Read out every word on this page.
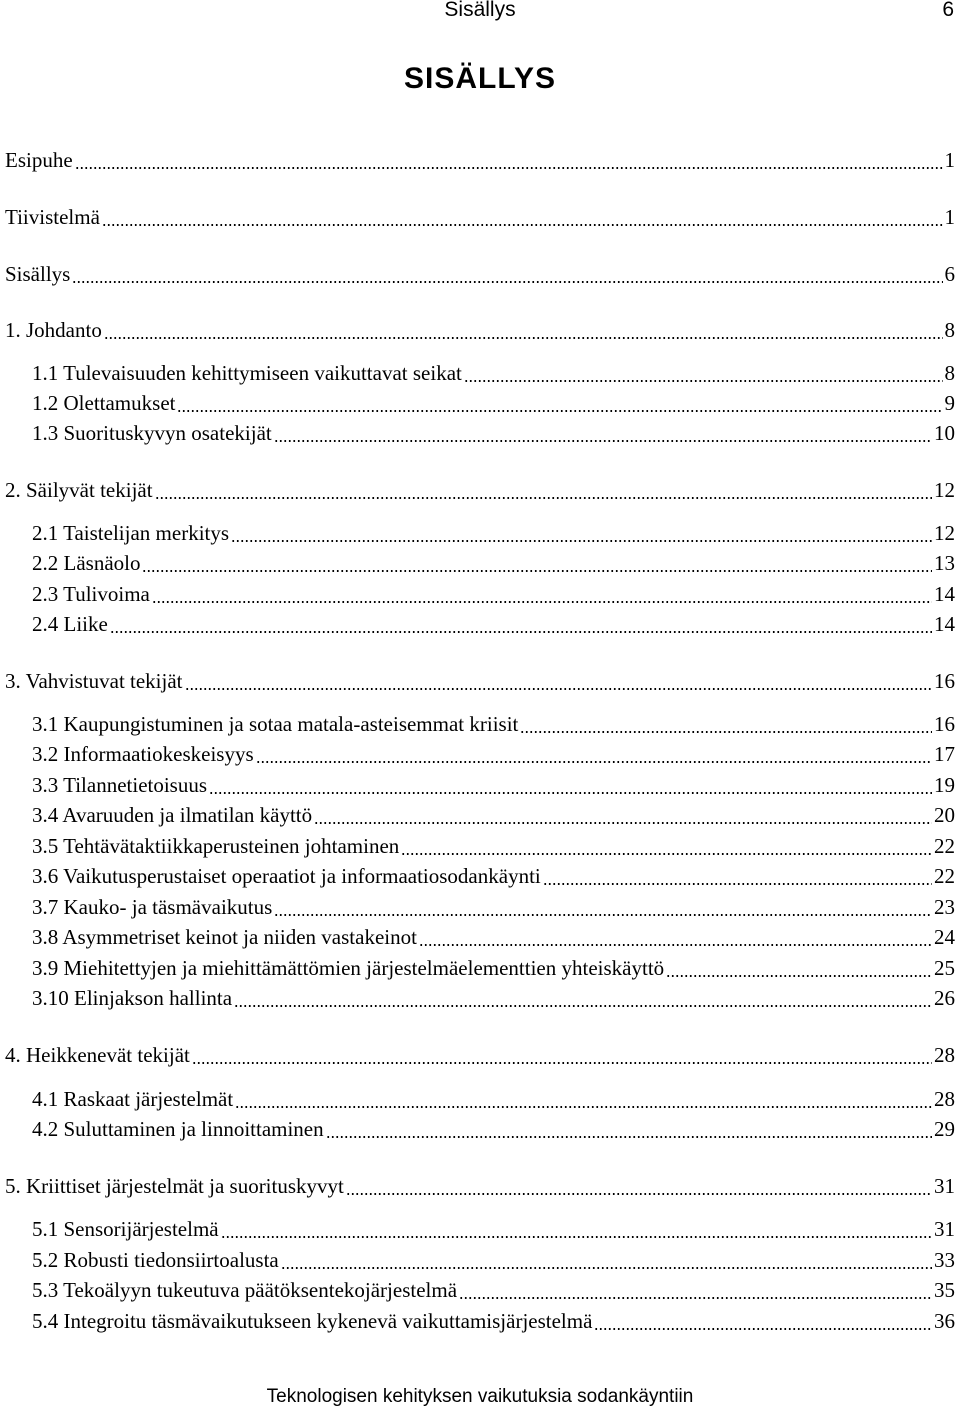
Sisällys	6
SISÄLLYS
Esipuhe	1
Tiivistelmä	1
Sisällys	6
1. Johdanto	8
1.1 Tulevaisuuden kehittymiseen vaikuttavat seikat	8
1.2 Olettamukset	9
1.3 Suorituskyvyn osatekijät	10
2. Säilyvät tekijät	12
2.1 Taistelijan merkitys	12
2.2 Läsnäolo	13
2.3 Tulivoima	14
2.4 Liike	14
3. Vahvistuvat tekijät	16
3.1 Kaupungistuminen ja sotaa matala-asteisemmat kriisit	16
3.2 Informaatiokeskeisyys	17
3.3 Tilannetietoisuus	19
3.4 Avaruuden ja ilmatilan käyttö	20
3.5 Tehtävätaktiikkaperusteinen johtaminen	22
3.6 Vaikutusperustaiset operaatiot ja informaatiosodankäynti	22
3.7 Kauko- ja täsmävaikutus	23
3.8 Asymmetriset keinot ja niiden vastakeinot	24
3.9 Miehitettyjen ja miehittämättömien järjestelmäelementtien yhteiskäyttö	25
3.10 Elinjakson hallinta	26
4. Heikkenevät tekijät	28
4.1 Raskaat järjestelmät	28
4.2 Suluttaminen ja linnoittaminen	29
5. Kriittiset järjestelmät ja suorituskyvyt	31
5.1 Sensorijärjestelmä	31
5.2 Robusti tiedonsiirtoalusta	33
5.3 Tekoälyyn tukeutuva päätöksentekojärjestelmä	35
5.4 Integroitu täsmävaikutukseen kykenevä vaikuttamisjärjestelmä	36
Teknologisen kehityksen vaikutuksia sodankäyntiin
